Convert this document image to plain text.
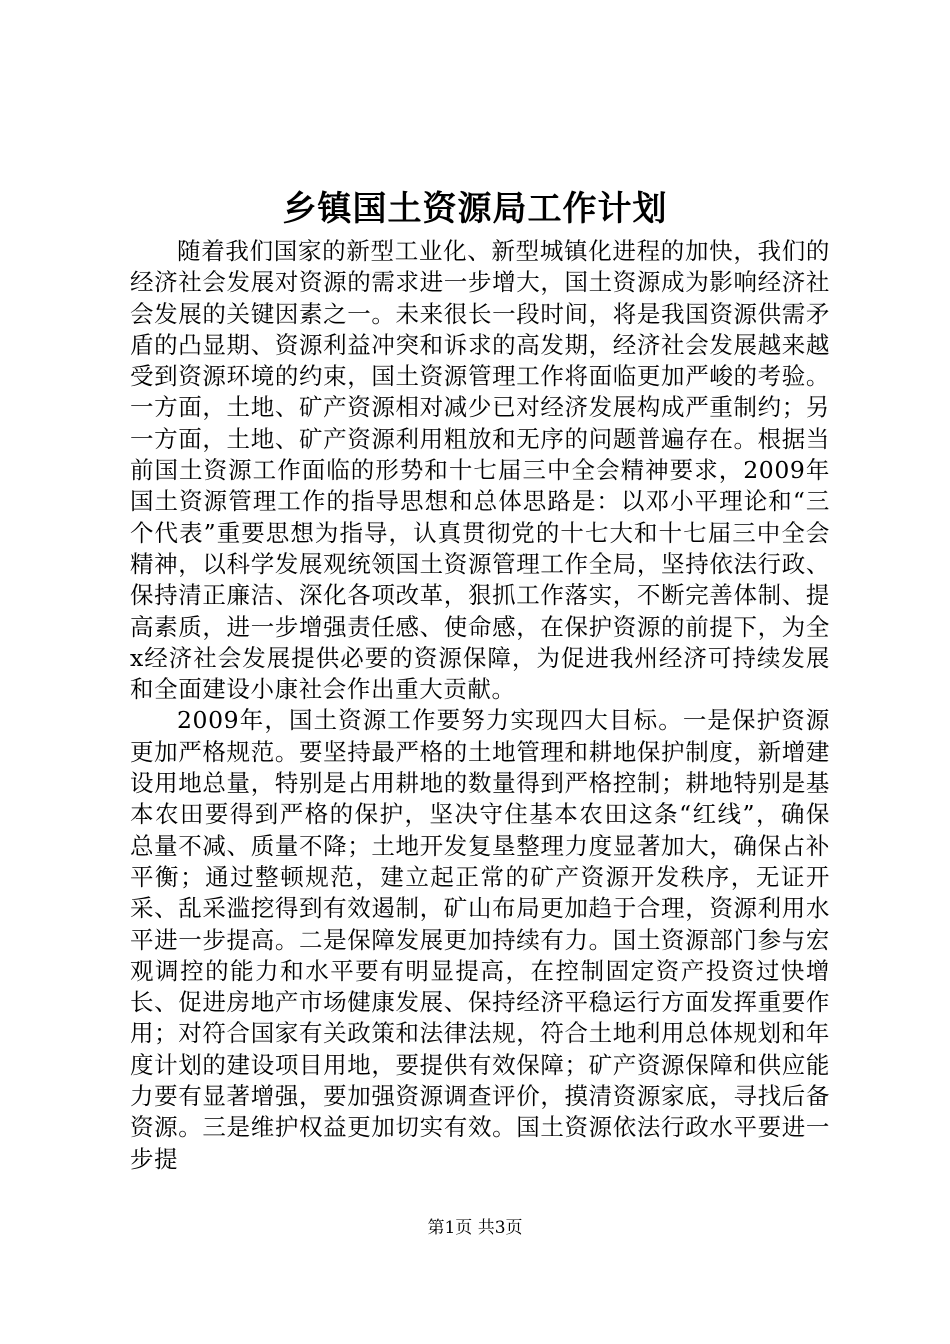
乡镇国土资源局工作计划

随着我们国家的新型工业化、新型城镇化进程的加快，我们的经济社会发展对资源的需求进一步增大，国土资源成为影响经济社会发展的关键因素之一。未来很长一段时间，将是我国资源供需矛盾的凸显期、资源利益冲突和诉求的高发期，经济社会发展越来越受到资源环境的约束，国土资源管理工作将面临更加严峻的考验。一方面，土地、矿产资源相对减少已对经济发展构成严重制约；另一方面，土地、矿产资源利用粗放和无序的问题普遍存在。根据当前国土资源工作面临的形势和十七届三中全会精神要求，2009年国土资源管理工作的指导思想和总体思路是：以邓小平理论和“三个代表”重要思想为指导，认真贯彻党的十七大和十七届三中全会精神，以科学发展观统领国土资源管理工作全局，坚持依法行政、保持清正廉洁、深化各项改革，狠抓工作落实，不断完善体制、提高素质，进一步增强责任感、使命感，在保护资源的前提下，为全x经济社会发展提供必要的资源保障，为促进我州经济可持续发展和全面建设小康社会作出重大贡献。

2009年，国土资源工作要努力实现四大目标。一是保护资源更加严格规范。要坚持最严格的土地管理和耕地保护制度，新增建设用地总量，特别是占用耕地的数量得到严格控制；耕地特别是基本农田要得到严格的保护，坚决守住基本农田这条“红线”，确保总量不减、质量不降；土地开发复垦整理力度显著加大，确保占补平衡；通过整顿规范，建立起正常的矿产资源开发秩序，无证开采、乱采滥挖得到有效遏制，矿山布局更加趋于合理，资源利用水平进一步提高。二是保障发展更加持续有力。国土资源部门参与宏观调控的能力和水平要有明显提高，在控制固定资产投资过快增长、促进房地产市场健康发展、保持经济平稳运行方面发挥重要作用；对符合国家有关政策和法律法规，符合土地利用总体规划和年度计划的建设项目用地，要提供有效保障；矿产资源保障和供应能力要有显著增强，要加强资源调查评价，摸清资源家底，寻找后备资源。三是维护权益更加切实有效。国土资源依法行政水平要进一步提

第1页 共3页
